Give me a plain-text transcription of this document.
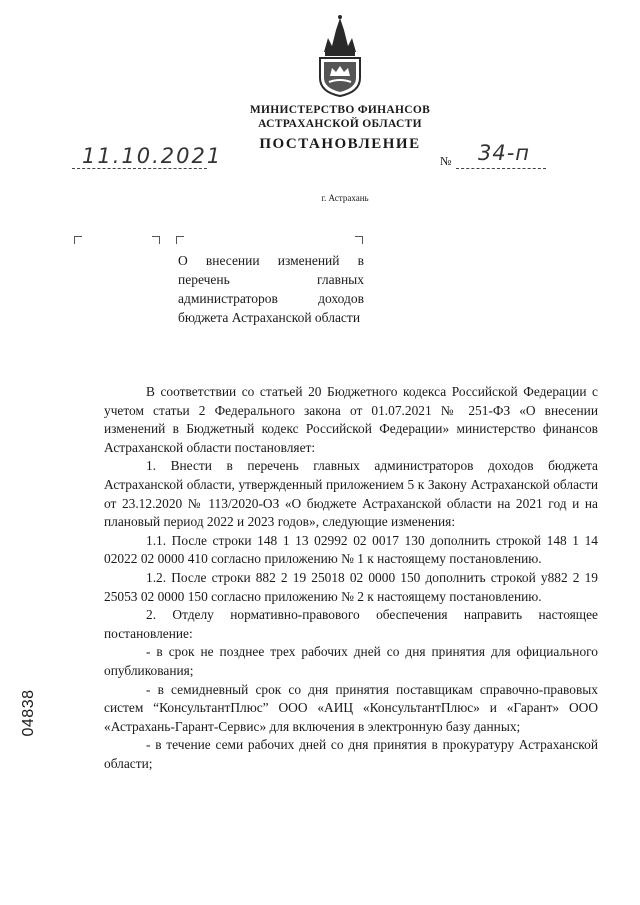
МИНИСТЕРСТВО ФИНАНСОВ
АСТРАХАНСКОЙ ОБЛАСТИ
ПОСТАНОВЛЕНИЕ
11.10.2021	№ 34-п
г. Астрахань
О внесении изменений в перечень главных администраторов доходов бюджета Астраханской области

В соответствии со статьей 20 Бюджетного кодекса Российской Федерации с учетом статьи 2 Федерального закона от 01.07.2021 № 251-ФЗ «О внесении изменений в Бюджетный кодекс Российской Федерации» министерство финансов Астраханской области постановляет:

1. Внести в перечень главных администраторов доходов бюджета Астраханской области, утвержденный приложением 5 к Закону Астраханской области от 23.12.2020 № 113/2020-ОЗ «О бюджете Астраханской области на 2021 год и на плановый период 2022 и 2023 годов», следующие изменения:

1.1. После строки 148 1 13 02992 02 0017 130 дополнить строкой 148 1 14 02022 02 0000 410 согласно приложению № 1 к настоящему постановлению.

1.2. После строки 882 2 19 25018 02 0000 150 дополнить строкой у882 2 19 25053 02 0000 150 согласно приложению № 2 к настоящему постановлению.

2. Отделу нормативно-правового обеспечения направить настоящее постановление:

- в срок не позднее трех рабочих дней со дня принятия для официального опубликования;

- в семидневный срок со дня принятия поставщикам справочно-правовых систем “КонсультантПлюс” ООО «АИЦ «КонсультантПлюс» и «Гарант» ООО «Астрахань-Гарант-Сервис» для включения в электронную базу данных;

- в течение семи рабочих дней со дня принятия в прокуратуру Астраханской области;

04838
